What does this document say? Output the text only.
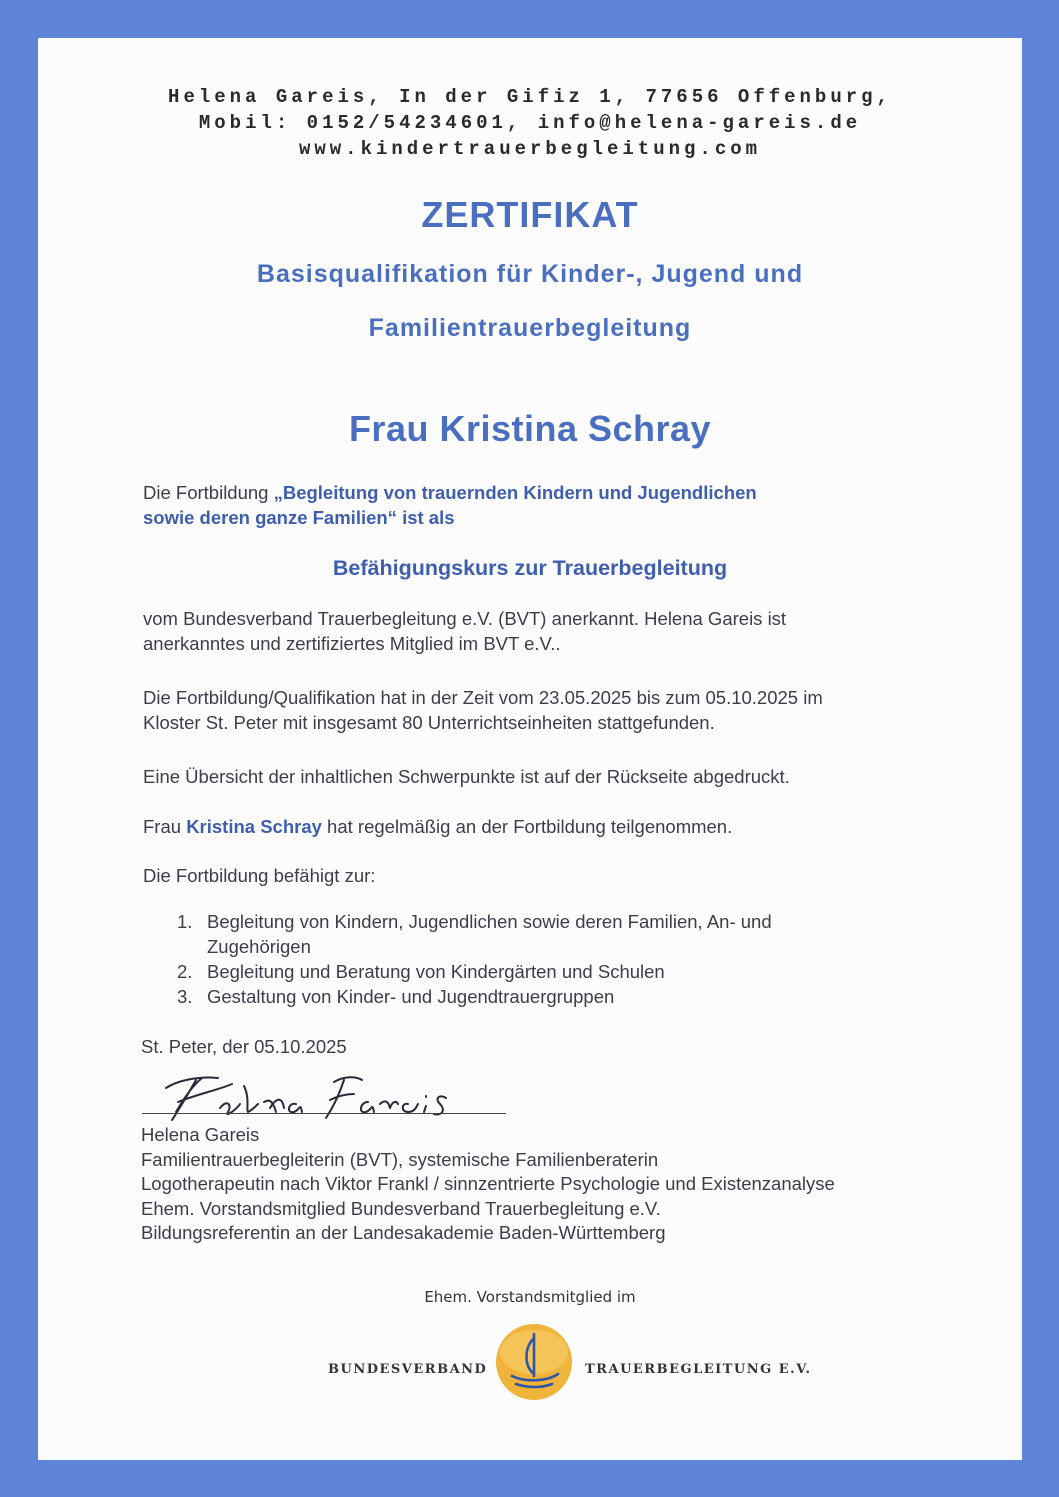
Helena Gareis, In der Gifiz 1, 77656 Offenburg,
Mobil: 0152/54234601, info@helena-gareis.de
www.kindertrauerbegleitung.com
ZERTIFIKAT
Basisqualifikation für Kinder-, Jugend und
Familientrauerbegleitung
Frau Kristina Schray
Die Fortbildung „Begleitung von trauernden Kindern und Jugendlichen
sowie deren ganze Familien“ ist als
Befähigungskurs zur Trauerbegleitung
vom Bundesverband Trauerbegleitung e.V. (BVT) anerkannt. Helena Gareis ist
anerkanntes und zertifiziertes Mitglied im BVT e.V..
Die Fortbildung/Qualifikation hat in der Zeit vom 23.05.2025 bis zum 05.10.2025 im
Kloster St. Peter mit insgesamt 80 Unterrichtseinheiten stattgefunden.
Eine Übersicht der inhaltlichen Schwerpunkte ist auf der Rückseite abgedruckt.
Frau Kristina Schray hat regelmäßig an der Fortbildung teilgenommen.
Die Fortbildung befähigt zur:
1. Begleitung von Kindern, Jugendlichen sowie deren Familien, An- und
Zugehörigen
2. Begleitung und Beratung von Kindergärten und Schulen
3. Gestaltung von Kinder- und Jugendtrauergruppen
St. Peter, der 05.10.2025
Helena Gareis
Familientrauerbegleiterin (BVT), systemische Familienberaterin
Logotherapeutin nach Viktor Frankl / sinnzentrierte Psychologie und Existenzanalyse
Ehem. Vorstandsmitglied Bundesverband Trauerbegleitung e.V.
Bildungsreferentin an der Landesakademie Baden-Württemberg
Ehem. Vorstandsmitglied im
BUNDESVERBAND	TRAUERBEGLEITUNG E.V.
